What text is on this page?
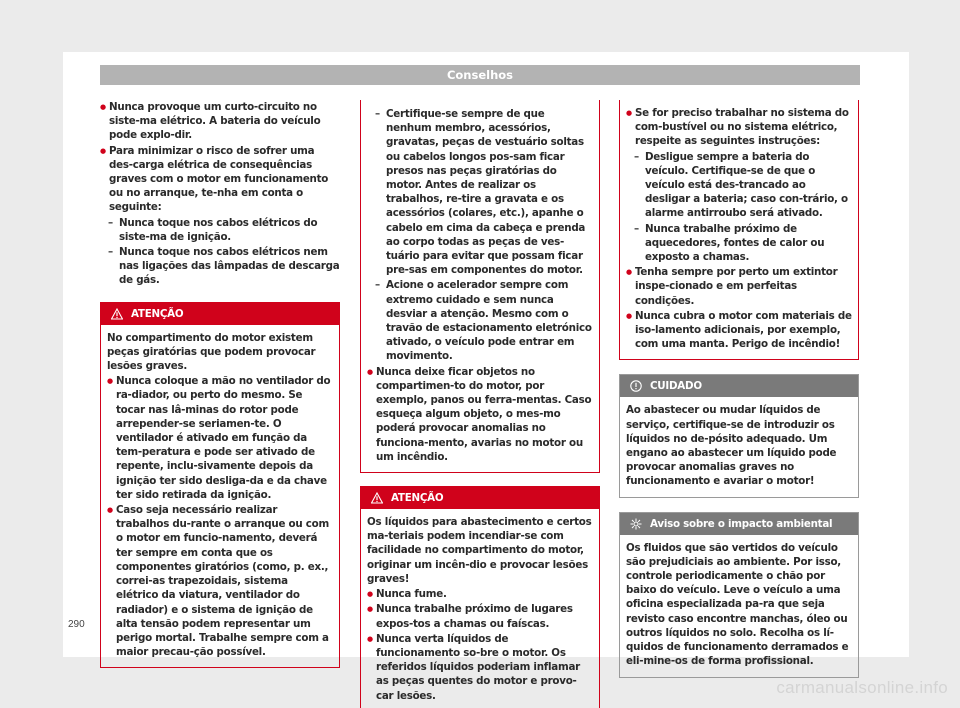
Conselhos
● Nunca provoque um curto-circuito no siste-ma elétrico. A bateria do veículo pode explo-dir.
● Para minimizar o risco de sofrer uma des-carga elétrica de consequências graves com o motor em funcionamento ou no arranque, te-nha em conta o seguinte:
– Nunca toque nos cabos elétricos do siste-ma de ignição.
– Nunca toque nos cabos elétricos nem nas ligações das lâmpadas de descarga de gás.
ATENÇÃO
No compartimento do motor existem peças giratórias que podem provocar lesões graves.
● Nunca coloque a mão no ventilador do ra-diador, ou perto do mesmo. Se tocar nas lâ-minas do rotor pode arrepender-se seriamen-te. O ventilador é ativado em função da tem-peratura e pode ser ativado de repente, inclu-sivamente depois da ignição ter sido desliga-da e da chave ter sido retirada da ignição.
● Caso seja necessário realizar trabalhos du-rante o arranque ou com o motor em funcio-namento, deverá ter sempre em conta que os componentes giratórios (como, p. ex., correi-as trapezoidais, sistema elétrico da viatura, ventilador do radiador) e o sistema de ignição de alta tensão podem representar um perigo mortal. Trabalhe sempre com a maior precau-ção possível.
– Certifique-se sempre de que nenhum membro, acessórios, gravatas, peças de vestuário soltas ou cabelos longos pos-sam ficar presos nas peças giratórias do motor. Antes de realizar os trabalhos, re-tire a gravata e os acessórios (colares, etc.), apanhe o cabelo em cima da cabeça e prenda ao corpo todas as peças de ves-tuário para evitar que possam ficar pre-sas em componentes do motor.
– Acione o acelerador sempre com extremo cuidado e sem nunca desviar a atenção. Mesmo com o travão de estacionamento eletrónico ativado, o veículo pode entrar em movimento.
● Nunca deixe ficar objetos no compartimen-to do motor, por exemplo, panos ou ferra-mentas. Caso esqueça algum objeto, o mes-mo poderá provocar anomalias no funciona-mento, avarias no motor ou um incêndio.
ATENÇÃO
Os líquidos para abastecimento e certos ma-teriais podem incendiar-se com facilidade no compartimento do motor, originar um incên-dio e provocar lesões graves!
● Nunca fume.
● Nunca trabalhe próximo de lugares expos-tos a chamas ou faíscas.
● Nunca verta líquidos de funcionamento so-bre o motor. Os referidos líquidos poderiam inflamar as peças quentes do motor e provo-car lesões.
● Se for preciso trabalhar no sistema do com-bustível ou no sistema elétrico, respeite as seguintes instruções:
– Desligue sempre a bateria do veículo. Certifique-se de que o veículo está des-trancado ao desligar a bateria; caso con-trário, o alarme antirroubo será ativado.
– Nunca trabalhe próximo de aquecedores, fontes de calor ou exposto a chamas.
● Tenha sempre por perto um extintor inspe-cionado e em perfeitas condições.
● Nunca cubra o motor com materiais de iso-lamento adicionais, por exemplo, com uma manta. Perigo de incêndio!
CUIDADO
Ao abastecer ou mudar líquidos de serviço, certifique-se de introduzir os líquidos no de-pósito adequado. Um engano ao abastecer um líquido pode provocar anomalias graves no funcionamento e avariar o motor!
Aviso sobre o impacto ambiental
Os fluidos que são vertidos do veículo são prejudiciais ao ambiente. Por isso, controle periodicamente o chão por baixo do veículo. Leve o veículo a uma oficina especializada pa-ra que seja revisto caso encontre manchas, óleo ou outros líquidos no solo. Recolha os lí-quidos de funcionamento derramados e eli-mine-os de forma profissional.
290
carmanualsonline.info
